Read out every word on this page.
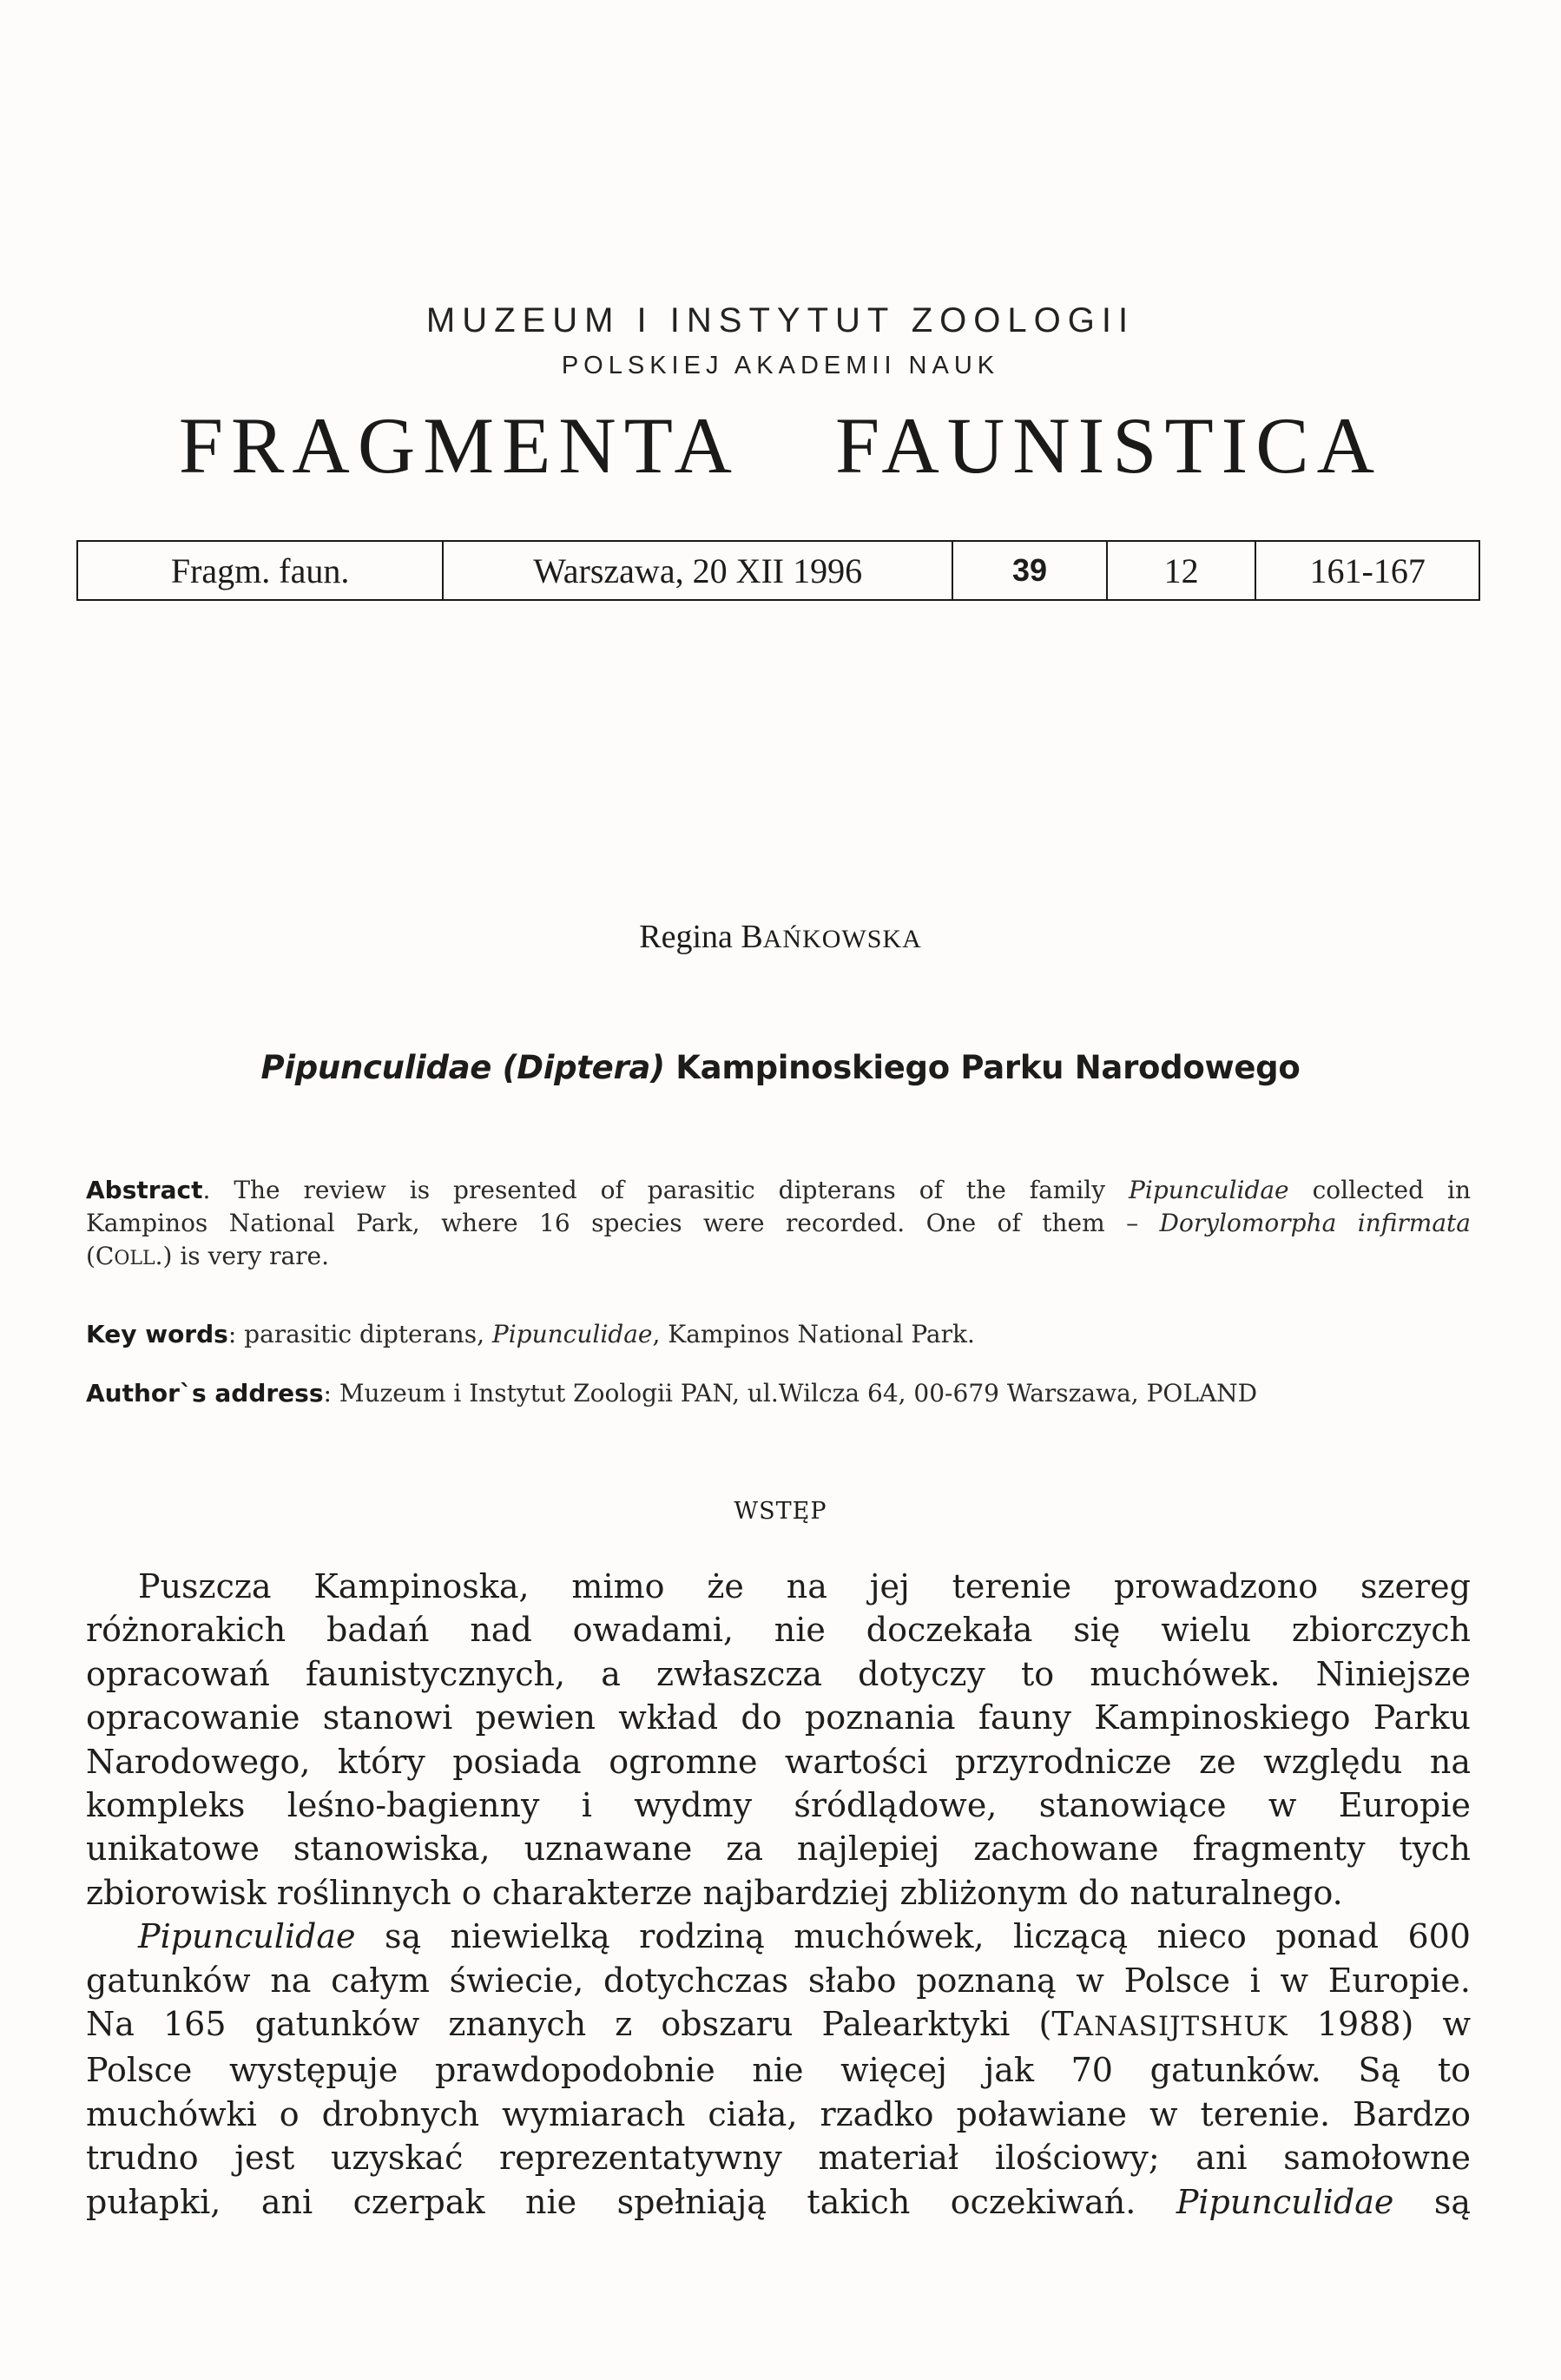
MUZEUM I INSTYTUT ZOOLOGII
POLSKIEJ AKADEMII NAUK
FRAGMENTA FAUNISTICA
Fragm. faun.	Warszawa, 20 XII 1996	39	12	161-167
Regina BAŃKOWSKA
Pipunculidae (Diptera) Kampinoskiego Parku Narodowego
Abstract. The review is presented of parasitic dipterans of the family Pipunculidae collected in
Kampinos National Park, where 16 species were recorded. One of them – Dorylomorpha infirmata
(COLL.) is very rare.
Key words: parasitic dipterans, Pipunculidae, Kampinos National Park.
Author`s address: Muzeum i Instytut Zoologii PAN, ul.Wilcza 64, 00-679 Warszawa, POLAND
WSTĘP
Puszcza Kampinoska, mimo że na jej terenie prowadzono szereg
różnorakich badań nad owadami, nie doczekała się wielu zbiorczych
opracowań faunistycznych, a zwłaszcza dotyczy to muchówek. Niniejsze
opracowanie stanowi pewien wkład do poznania fauny Kampinoskiego Parku
Narodowego, który posiada ogromne wartości przyrodnicze ze względu na
kompleks leśno-bagienny i wydmy śródlądowe, stanowiące w Europie
unikatowe stanowiska, uznawane za najlepiej zachowane fragmenty tych
zbiorowisk roślinnych o charakterze najbardziej zbliżonym do naturalnego.
Pipunculidae są niewielką rodziną muchówek, liczącą nieco ponad 600
gatunków na całym świecie, dotychczas słabo poznaną w Polsce i w Europie.
Na 165 gatunków znanych z obszaru Palearktyki (TANASIJTSHUK 1988) w
Polsce występuje prawdopodobnie nie więcej jak 70 gatunków. Są to
muchówki o drobnych wymiarach ciała, rzadko poławiane w terenie. Bardzo
trudno jest uzyskać reprezentatywny materiał ilościowy; ani samołowne
pułapki, ani czerpak nie spełniają takich oczekiwań. Pipunculidae są
